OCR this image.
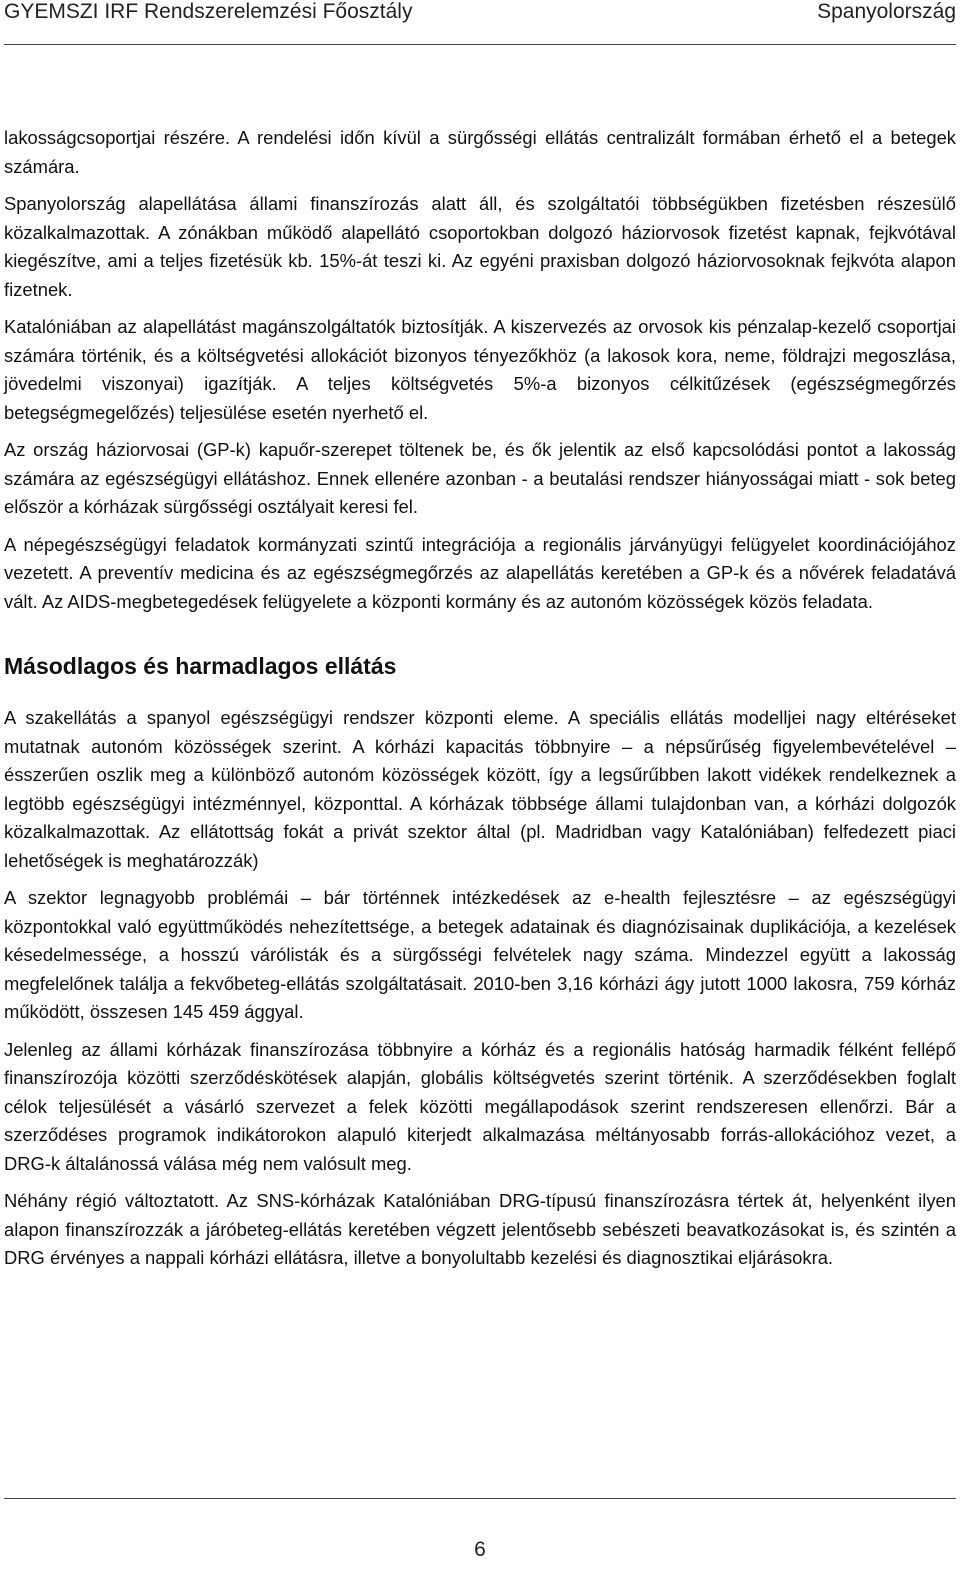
GYEMSZI IRF Rendszerelemzési Főosztály	Spanyolország

lakosságcsoportjai részére. A rendelési időn kívül a sürgősségi ellátás centralizált formában érhető el a betegek számára.

Spanyolország alapellátása állami finanszírozás alatt áll, és szolgáltatói többségükben fizetésben részesülő közalkalmazottak. A zónákban működő alapellátó csoportokban dolgozó háziorvosok fizetést kapnak, fejkvótával kiegészítve, ami a teljes fizetésük kb. 15%-át teszi ki. Az egyéni praxisban dolgozó háziorvosoknak fejkvóta alapon fizetnek.

Katalóniában az alapellátást magánszolgáltatók biztosítják. A kiszervezés az orvosok kis pénzalap-kezelő csoportjai számára történik, és a költségvetési allokációt bizonyos tényezőkhöz (a lakosok kora, neme, földrajzi megoszlása, jövedelmi viszonyai) igazítják. A teljes költségvetés 5%-a bizonyos célkitűzések (egészségmegőrzés betegségmegelőzés) teljesülése esetén nyerhető el.

Az ország háziorvosai (GP-k) kapuőr-szerepet töltenek be, és ők jelentik az első kapcsolódási pontot a lakosság számára az egészségügyi ellátáshoz. Ennek ellenére azonban - a beutalási rendszer hiányosságai miatt - sok beteg először a kórházak sürgősségi osztályait keresi fel.

A népegészségügyi feladatok kormányzati szintű integrációja a regionális járványügyi felügyelet koordinációjához vezetett. A preventív medicina és az egészségmegőrzés az alapellátás keretében a GP-k és a nővérek feladatává vált. Az AIDS-megbetegedések felügyelete a központi kormány és az autonóm közösségek közös feladata.

Másodlagos és harmadlagos ellátás

A szakellátás a spanyol egészségügyi rendszer központi eleme. A speciális ellátás modelljei nagy eltéréseket mutatnak autonóm közösségek szerint. A kórházi kapacitás többnyire – a népsűrűség figyelembevételével – ésszerűen oszlik meg a különböző autonóm közösségek között, így a legsűrűbben lakott vidékek rendelkeznek a legtöbb egészségügyi intézménnyel, központtal. A kórházak többsége állami tulajdonban van, a kórházi dolgozók közalkalmazottak. Az ellátottság fokát a privát szektor által (pl. Madridban vagy Katalóniában) felfedezett piaci lehetőségek is meghatározzák)

A szektor legnagyobb problémái – bár történnek intézkedések az e-health fejlesztésre – az egészségügyi központokkal való együttműködés nehezítettsége, a betegek adatainak és diagnózisainak duplikációja, a kezelések késedelmessége, a hosszú várólisták és a sürgősségi felvételek nagy száma. Mindezzel együtt a lakosság megfelelőnek találja a fekvőbeteg-ellátás szolgáltatásait. 2010-ben 3,16 kórházi ágy jutott 1000 lakosra, 759 kórház működött, összesen 145 459 ággyal.

Jelenleg az állami kórházak finanszírozása többnyire a kórház és a regionális hatóság harmadik félként fellépő finanszírozója közötti szerződéskötések alapján, globális költségvetés szerint történik. A szerződésekben foglalt célok teljesülését a vásárló szervezet a felek közötti megállapodások szerint rendszeresen ellenőrzi. Bár a szerződéses programok indikátorokon alapuló kiterjedt alkalmazása méltányosabb forrás-allokációhoz vezet, a DRG-k általánossá válása még nem valósult meg.

Néhány régió változtatott. Az SNS-kórházak Katalóniában DRG-típusú finanszírozásra tértek át, helyenként ilyen alapon finanszírozzák a járóbeteg-ellátás keretében végzett jelentősebb sebészeti beavatkozásokat is, és szintén a DRG érvényes a nappali kórházi ellátásra, illetve a bonyolultabb kezelési és diagnosztikai eljárásokra.

6
